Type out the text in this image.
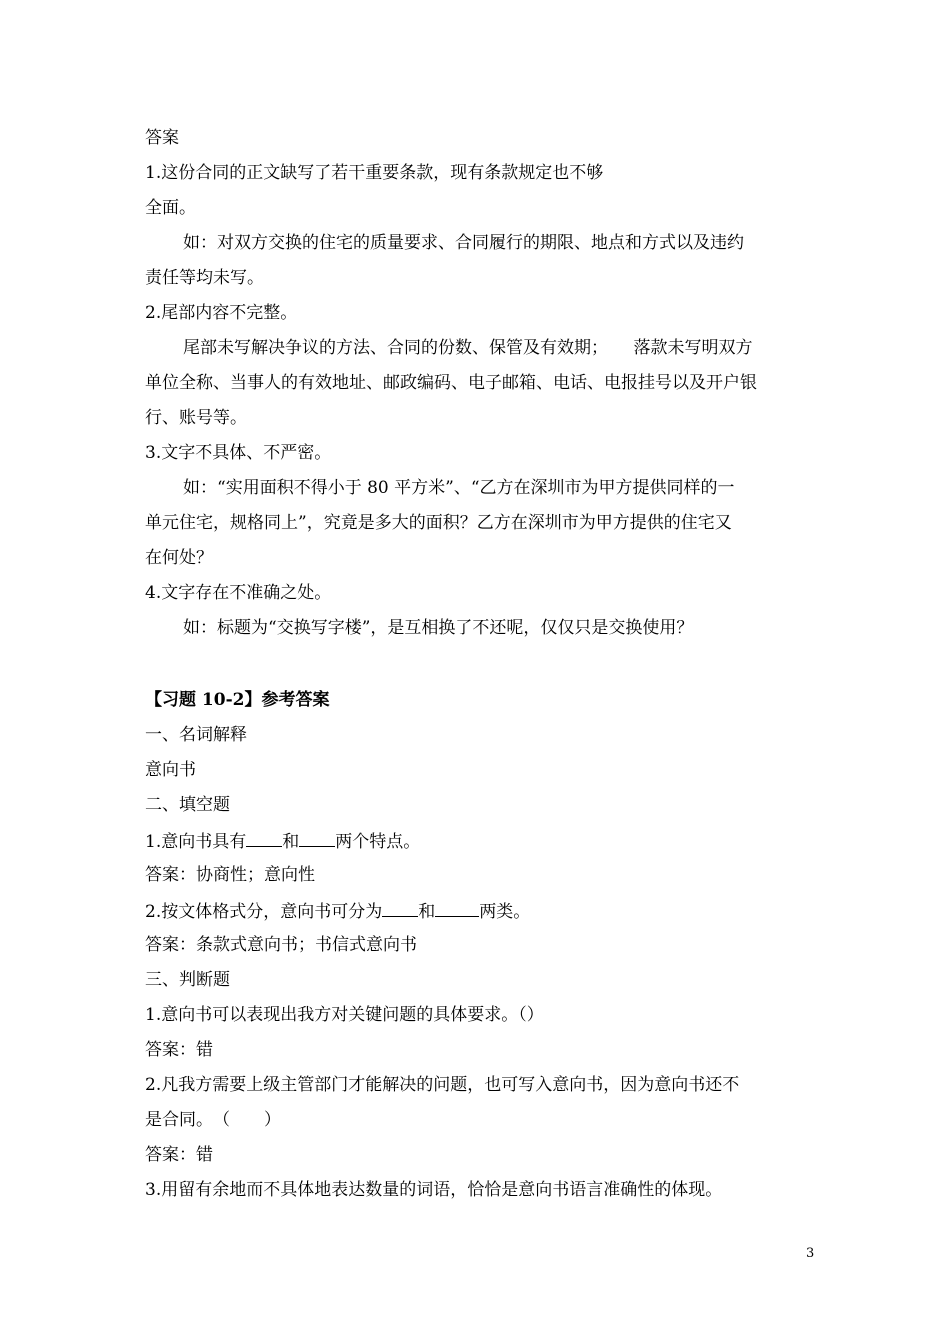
答案
1.这份合同的正文缺写了若干重要条款，现有条款规定也不够
全面。
如：对双方交换的住宅的质量要求、合同履行的期限、地点和方式以及违约
责任等均未写。
2.尾部内容不完整。
尾部未写解决争议的方法、合同的份数、保管及有效期；　　落款未写明双方
单位全称、当事人的有效地址、邮政编码、电子邮箱、电话、电报挂号以及开户银
行、账号等。
3.文字不具体、不严密。
如：“实用面积不得小于 80 平方米”、“乙方在深圳市为甲方提供同样的一
单元住宅，规格同上”，究竟是多大的面积？乙方在深圳市为甲方提供的住宅又
在何处？
4.文字存在不准确之处。
如：标题为“交换写字楼”，是互相换了不还呢，仅仅只是交换使用？
【习题 10-2】参考答案
一、名词解释
意向书
二、填空题
1.意向书具有 和 两个特点。
答案：协商性；意向性
2.按文体格式分，意向书可分为 和	两类。
答案：条款式意向书；书信式意向书
三、判断题
1.意向书可以表现出我方对关键问题的具体要求。（）
答案：错
2.凡我方需要上级主管部门才能解决的问题，也可写入意向书，因为意向书还不
是合同。　（　　）
答案：错
3.用留有余地而不具体地表达数量的词语，恰恰是意向书语言准确性的体现。
3
